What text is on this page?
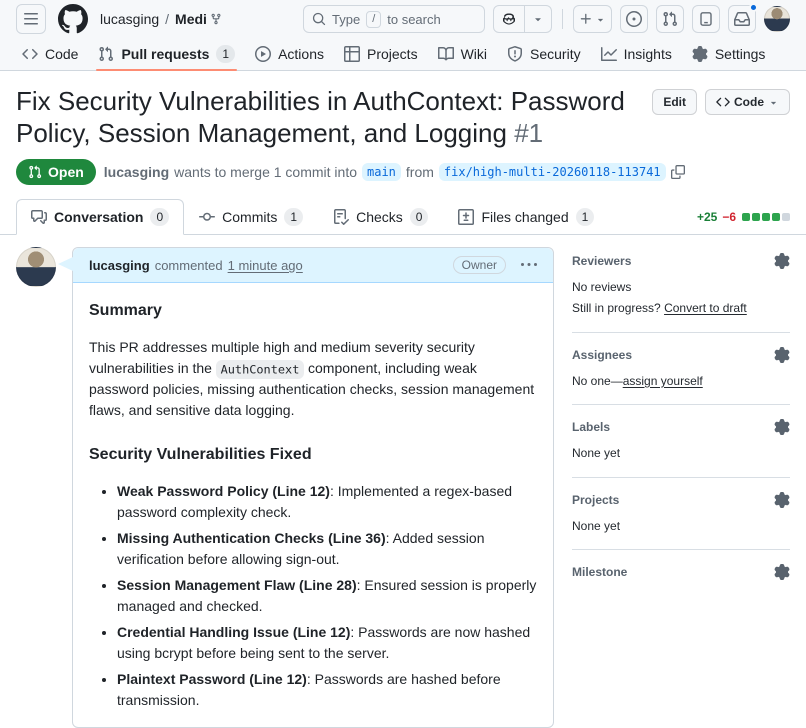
lucasging / Medi	Type	/ to search
Code	Pull requests	1	Actions	Projects	Wiki	Security	Insights	Settings
Edit	Code
Fix Security Vulnerabilities in AuthContext: Password Policy, Session Management, and Logging #1
Open lucasging wants to merge 1 commit into main from fix/high-multi-20260118-113741
Conversation	0	Commits	1	Checks	0	Files changed	1	+25 −6
lucasging commented 1 minute ago	Owner
Summary

This PR addresses multiple high and medium severity security vulnerabilities in the AuthContext component, including weak password policies, missing authentication checks, session management flaws, and sensitive data logging.

Security Vulnerabilities Fixed
• Weak Password Policy (Line 12): Implemented a regex-based password complexity check.
• Missing Authentication Checks (Line 36): Added session verification before allowing sign-out.
• Session Management Flaw (Line 28): Ensured session is properly managed and checked.
• Credential Handling Issue (Line 12): Passwords are now hashed using bcrypt before being sent to the server.
• Plaintext Password (Line 12): Passwords are hashed before transmission.
Reviewers
No reviews
Still in progress? Convert to draft
Assignees
No one—assign yourself
Labels
None yet
Projects
None yet
Milestone
